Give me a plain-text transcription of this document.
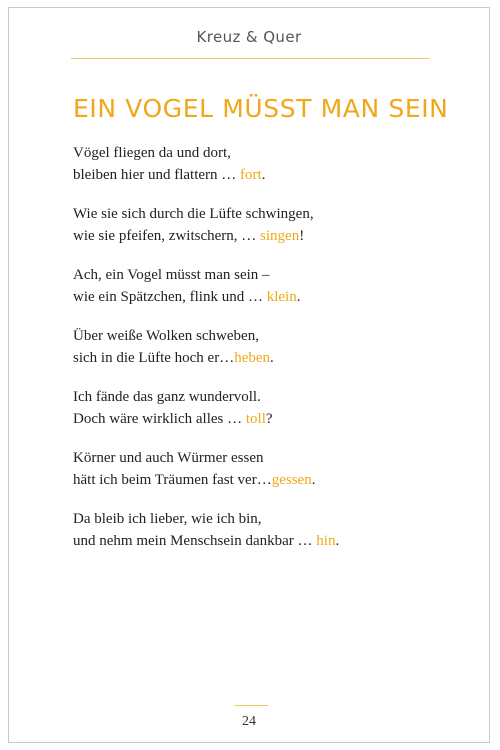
Kreuz & Quer
EIN VOGEL MÜSST MAN SEIN
Vögel fliegen da und dort,
bleiben hier und flattern … fort.
Wie sie sich durch die Lüfte schwingen,
wie sie pfeifen, zwitschern, … singen!
Ach, ein Vogel müsst man sein –
wie ein Spätzchen, flink und … klein.
Über weiße Wolken schweben,
sich in die Lüfte hoch er…heben.
Ich fände das ganz wundervoll.
Doch wäre wirklich alles … toll?
Körner und auch Würmer essen
hätt ich beim Träumen fast ver…gessen.
Da bleib ich lieber, wie ich bin,
und nehm mein Menschsein dankbar … hin.
24
